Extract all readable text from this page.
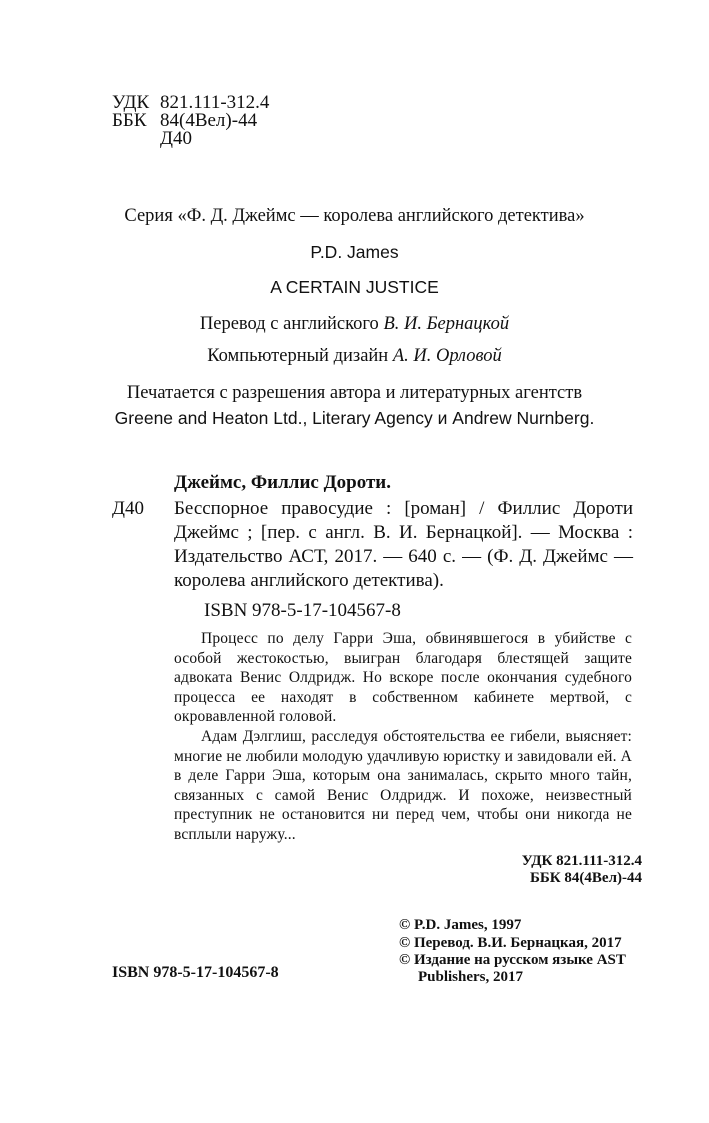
УДК 821.111-312.4
ББК 84(4Вел)-44
Д40
Серия «Ф. Д. Джеймс — королева английского детектива»
P.D. James
A CERTAIN JUSTICE
Перевод с английского В. И. Бернацкой
Компьютерный дизайн А. И. Орловой
Печатается с разрешения автора и литературных агентств
Greene and Heaton Ltd., Literary Agency и Andrew Nurnberg.
Джеймс, Филлис Дороти.
Д40 Бесспорное правосудие : [роман] / Филлис Дороти
Джеймс ; [пер. с англ. В. И. Бернацкой]. — Москва :
Издательство АСТ, 2017. — 640 с. — (Ф. Д. Джеймс —
королева английского детектива).
ISBN 978-5-17-104567-8

Процесс по делу Гарри Эша, обвинявшегося в убийстве с особой жестокостью, выигран благодаря блестящей защите адвоката Венис Олдридж. Но вскоре после окончания судебного процесса ее находят в собственном кабинете мертвой, с окровавленной головой.

Адам Дэлглиш, расследуя обстоятельства ее гибели, выясняет: многие не любили молодую удачливую юристку и завидовали ей. А в деле Гарри Эша, которым она занималась, скрыто много тайн, связанных с самой Венис Олдридж. И похоже, неизвестный преступник не остановится ни перед чем, чтобы они никогда не всплыли наружу...

УДК 821.111-312.4
ББК 84(4Вел)-44
© P.D. James, 1997
© Перевод. В.И. Бернацкая, 2017
© Издание на русском языке AST
Publishers, 2017
ISBN 978-5-17-104567-8
